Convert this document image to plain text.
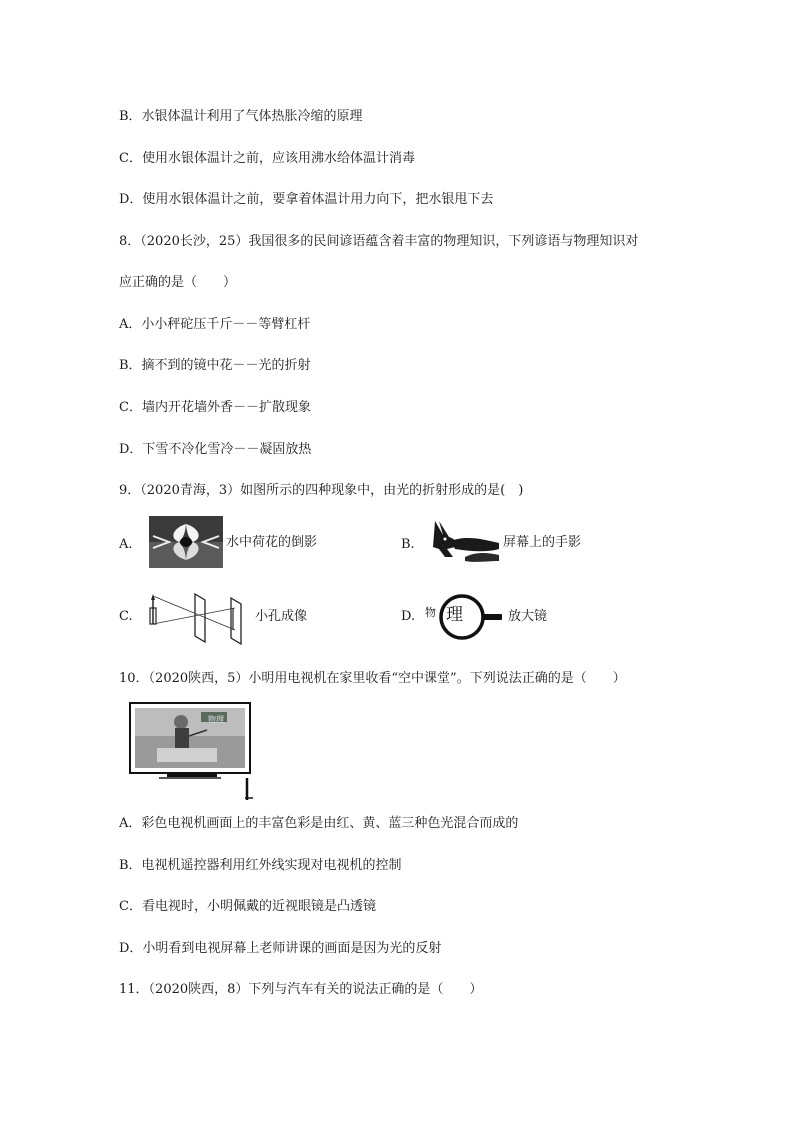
B．水银体温计利用了气体热胀冷缩的原理
C．使用水银体温计之前，应该用沸水给体温计消毒
D．使用水银体温计之前，要拿着体温计用力向下，把水银甩下去
8．（2020长沙，25）我国很多的民间谚语蕴含着丰富的物理知识，下列谚语与物理知识对
应正确的是（　　）
A．小小秤砣压千斤－－等臂杠杆
B．摘不到的镜中花－－光的折射
C．墙内开花墙外香－－扩散现象
D．下雪不冷化雪冷－－凝固放热
9．（2020青海，3）如图所示的四种现象中，由光的折射形成的是(　)
A.	水中荷花的倒影	B.	屏幕上的手影
C.	小孔成像	D. 物 理	放大镜
10．（2020陕西，5）小明用电视机在家里收看“空中课堂”。下列说法正确的是（　　）
物理
A．彩色电视机画面上的丰富色彩是由红、黄、蓝三种色光混合而成的
B．电视机遥控器利用红外线实现对电视机的控制
C．看电视时，小明佩戴的近视眼镜是凸透镜
D．小明看到电视屏幕上老师讲课的画面是因为光的反射
11．（2020陕西，8）下列与汽车有关的说法正确的是（　　）
